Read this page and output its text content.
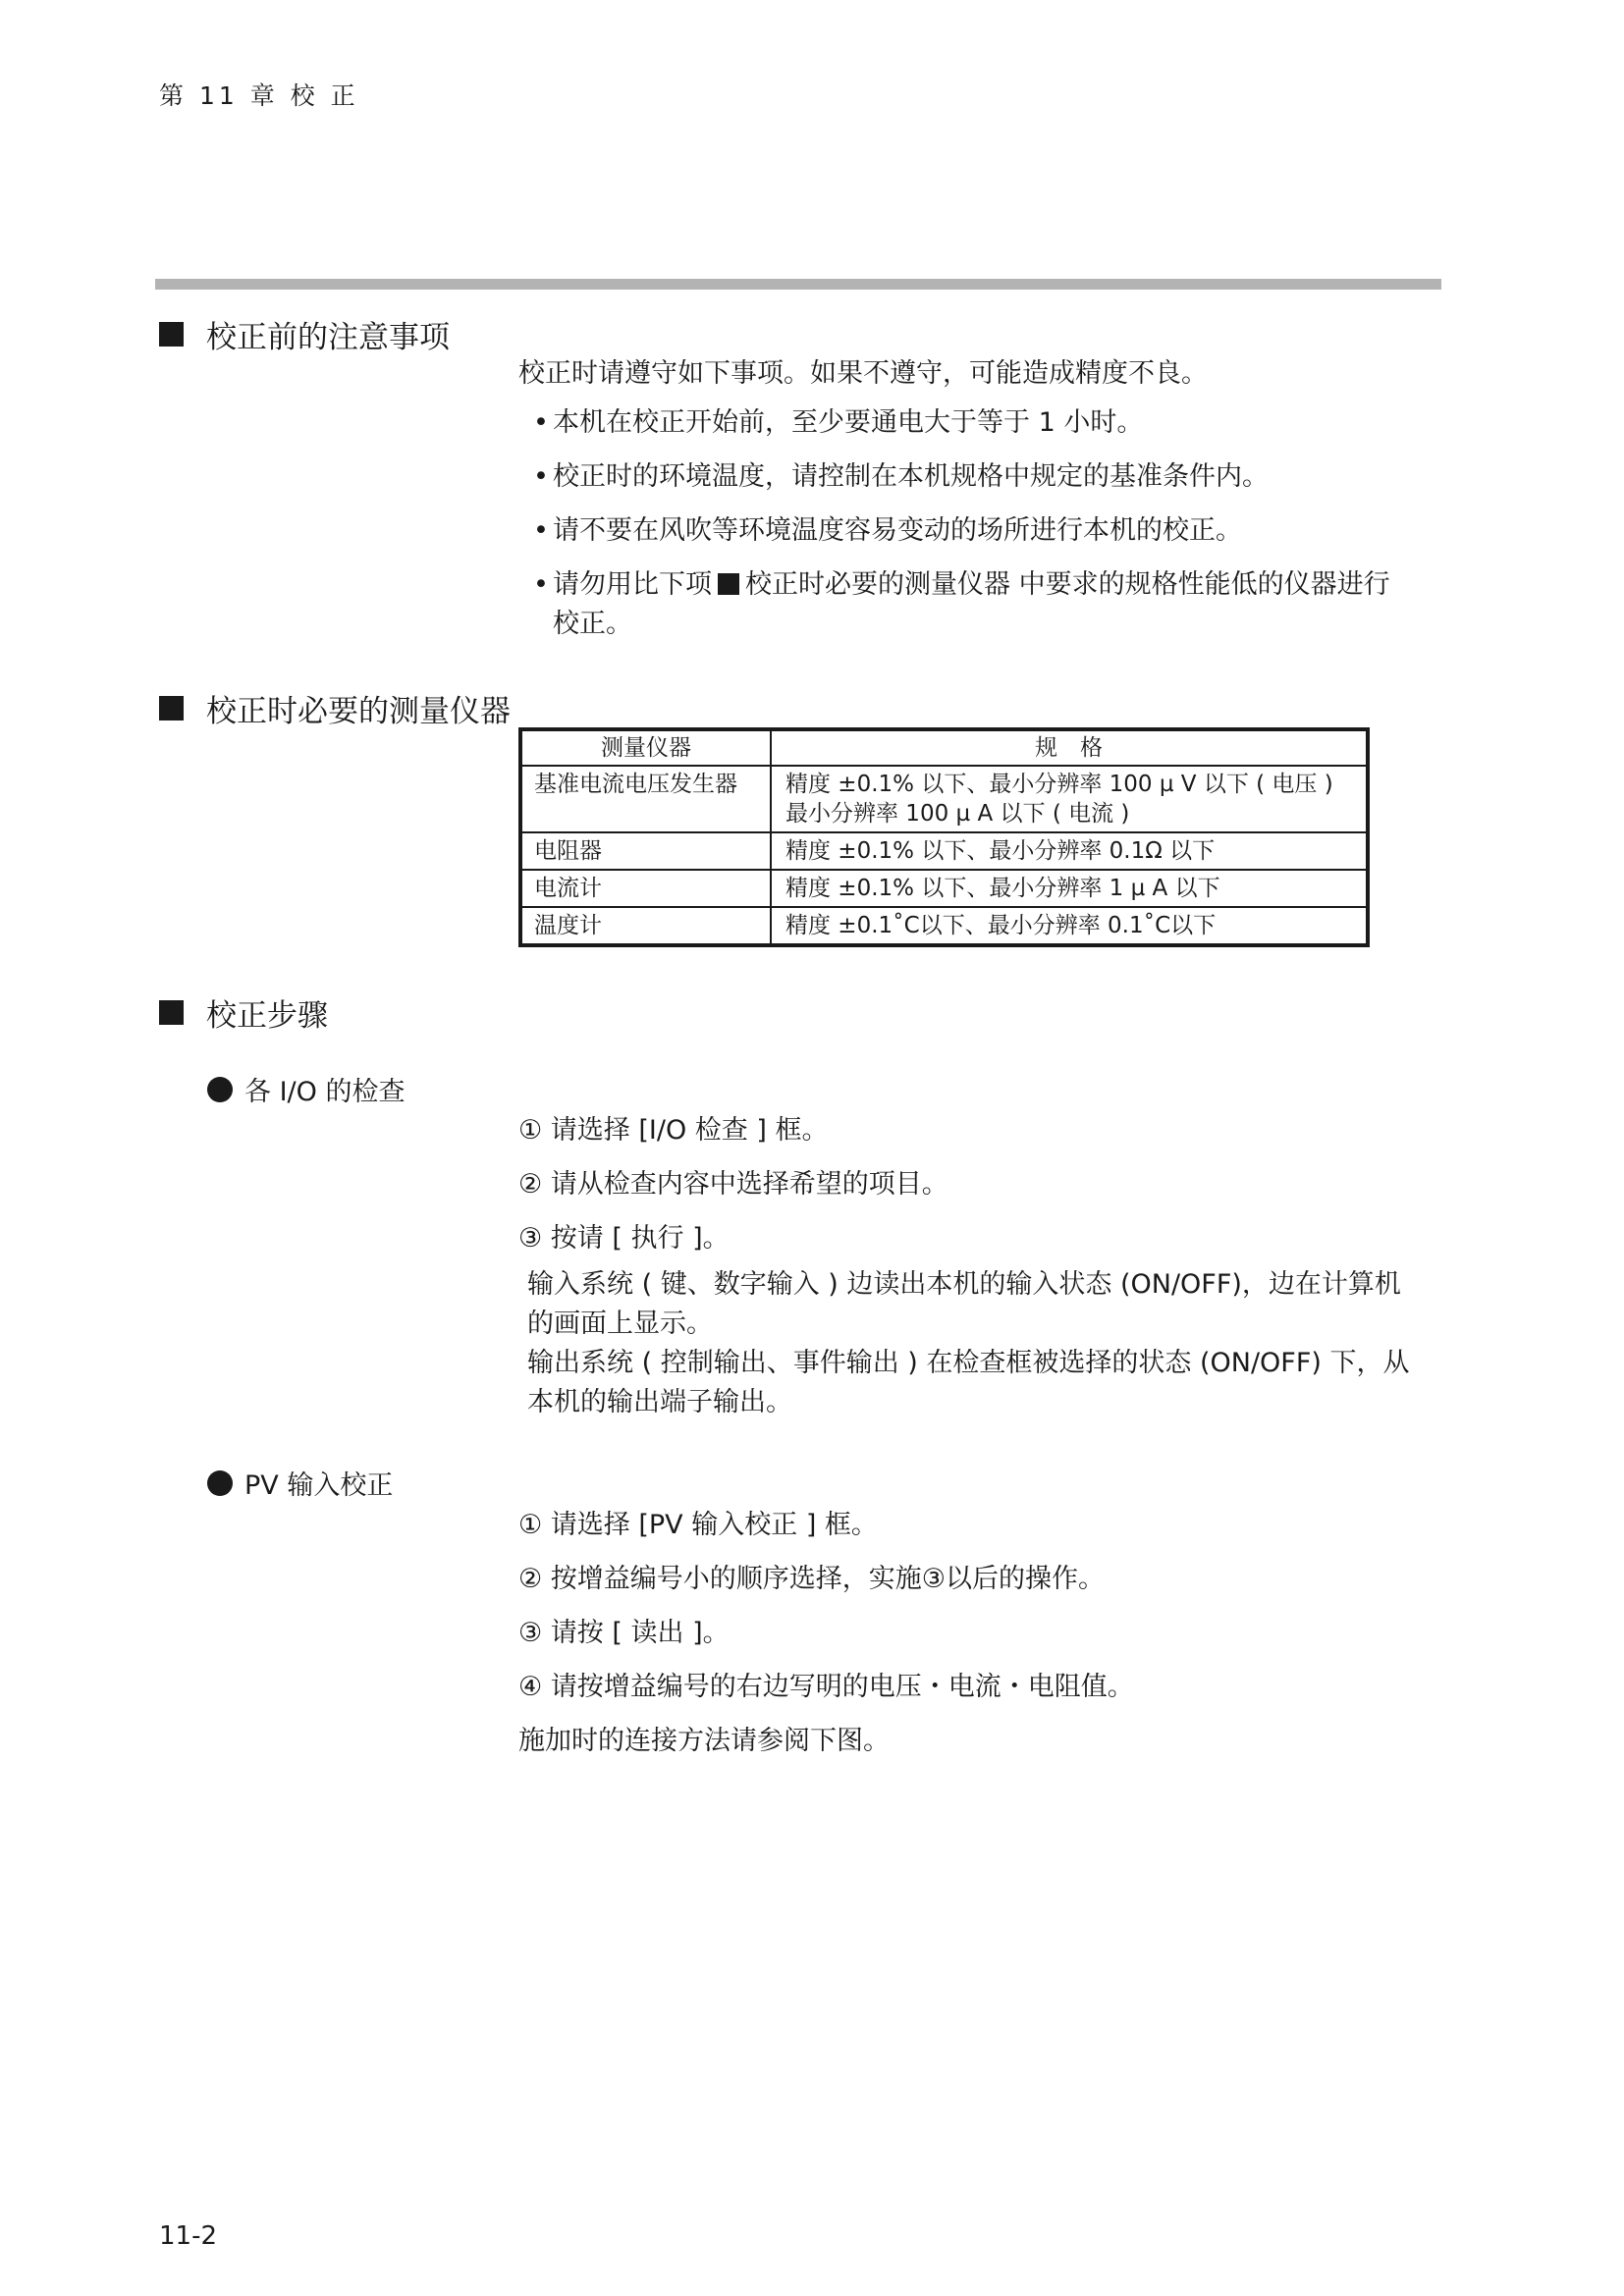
第 11 章 校 正
校正前的注意事项
校正时请遵守如下事项。如果不遵守，可能造成精度不良。
• 本机在校正开始前，至少要通电大于等于 1 小时。
• 校正时的环境温度，请控制在本机规格中规定的基准条件内。
• 请不要在风吹等环境温度容易变动的场所进行本机的校正。
• 请勿用比下项 校正时必要的测量仪器 中要求的规格性能低的仪器进行
校正。
校正时必要的测量仪器
测量仪器	规　格
基准电流电压发生器	精度 ±0.1% 以下、最小分辨率 100 µ V 以下 ( 电压 )
最小分辨率 100 µ A 以下 ( 电流 )

电阻器	精度 ±0.1% 以下、最小分辨率 0.1Ω 以下
电流计	精度 ±0.1% 以下、最小分辨率 1 µ A 以下
温度计	精度 ±0.1˚C以下、最小分辨率 0.1˚C以下
校正步骤
各 I/O 的检查
① 请选择 [I/O 检查 ] 框。
② 请从检查内容中选择希望的项目。
③ 按请 [ 执行 ]。
输入系统 ( 键、数字输入 ) 边读出本机的输入状态 (ON/OFF)，边在计算机
的画面上显示。
输出系统 ( 控制输出、事件输出 ) 在检查框被选择的状态 (ON/OFF) 下，从
本机的输出端子输出。
PV 输入校正
① 请选择 [PV 输入校正 ] 框。
② 按增益编号小的顺序选择，实施③以后的操作。
③ 请按 [ 读出 ]。
④ 请按增益编号的右边写明的电压・电流・电阻值。
施加时的连接方法请参阅下图。
11-2
